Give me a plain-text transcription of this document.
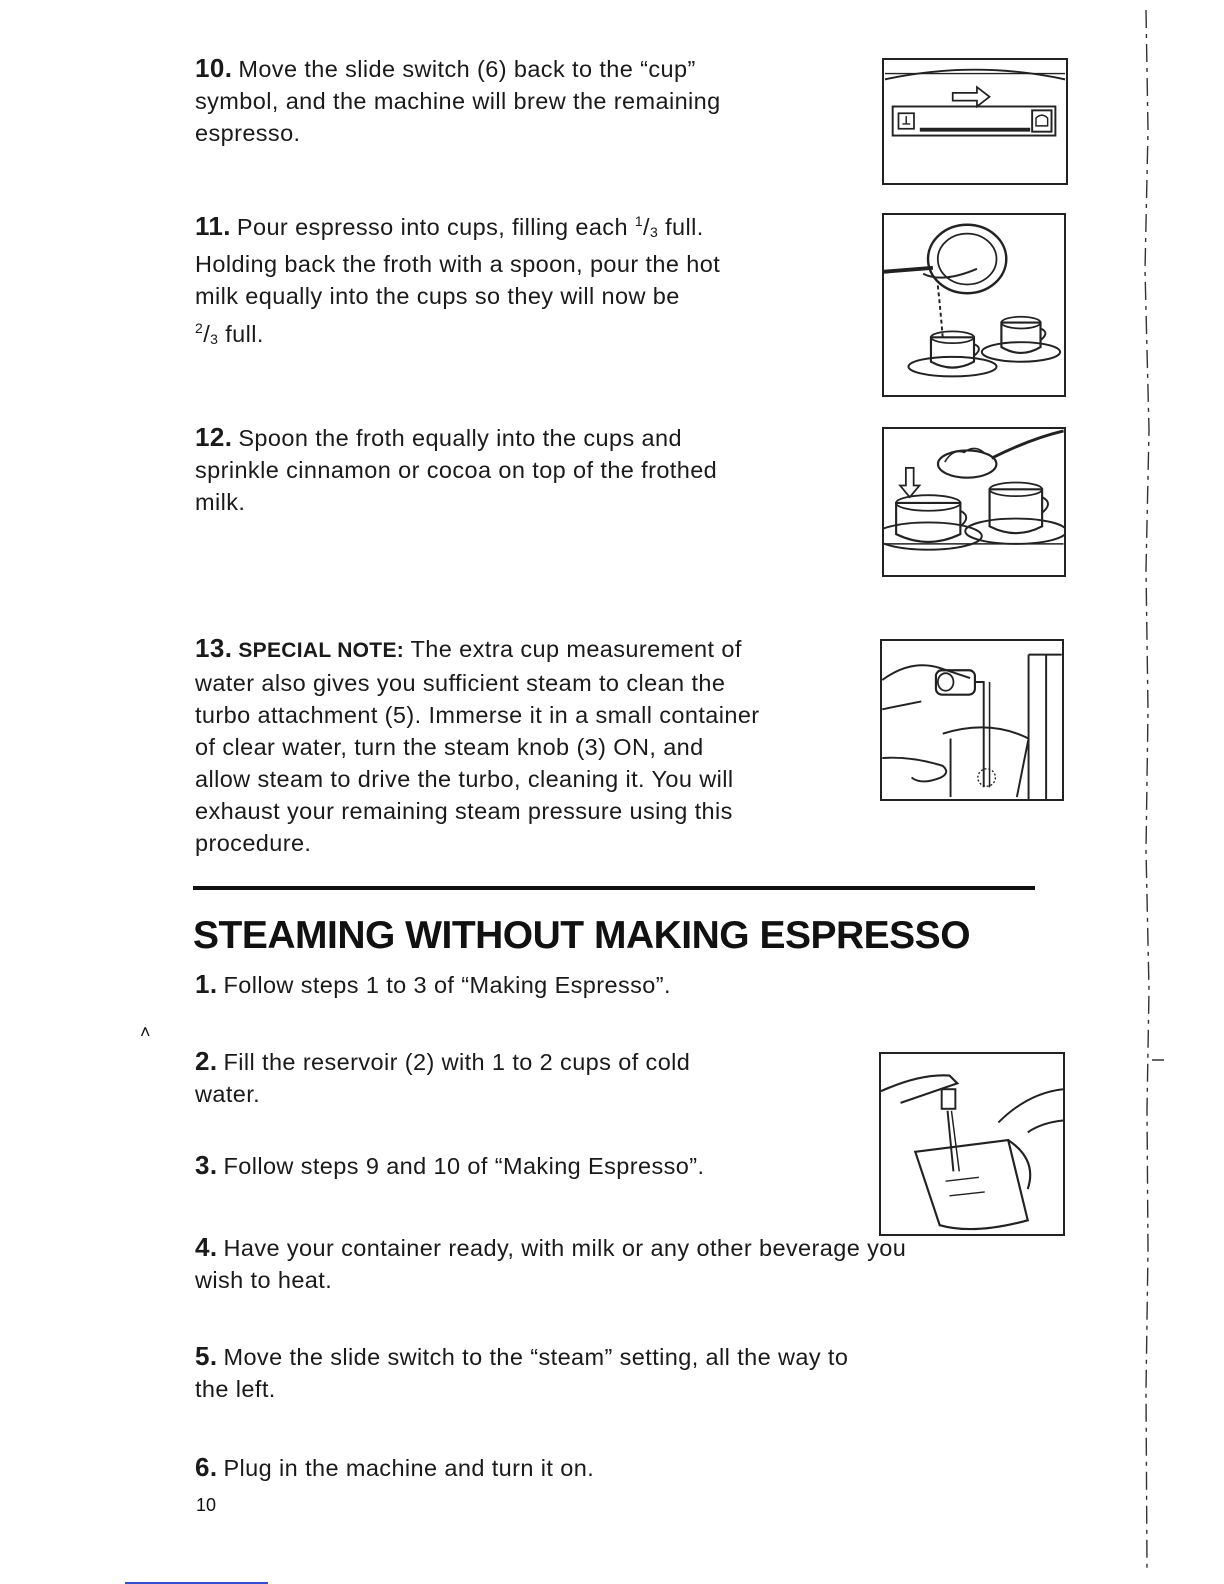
10. Move the slide switch (6) back to the “cup”
symbol, and the machine will brew the remaining
espresso.
11. Pour espresso into cups, filling each $^1/_3$ full.
Holding back the froth with a spoon, pour the hot
milk equally into the cups so they will now be
$^2/_3$ full.
12. Spoon the froth equally into the cups and
sprinkle cinnamon or cocoa on top of the frothed
milk.
13. SPECIAL NOTE: The extra cup measurement of
water also gives you sufficient steam to clean the
turbo attachment (5). Immerse it in a small container
of clear water, turn the steam knob (3) ON, and
allow steam to drive the turbo, cleaning it. You will
exhaust your remaining steam pressure using this
procedure.
STEAMING WITHOUT MAKING ESPRESSO
1. Follow steps 1 to 3 of “Making Espresso”.
2. Fill the reservoir (2) with 1 to 2 cups of cold
water.
3. Follow steps 9 and 10 of “Making Espresso”.
4. Have your container ready, with milk or any other beverage you
wish to heat.
5. Move the slide switch to the “steam” setting, all the way to
the left.
6. Plug in the machine and turn it on.
10
˄
